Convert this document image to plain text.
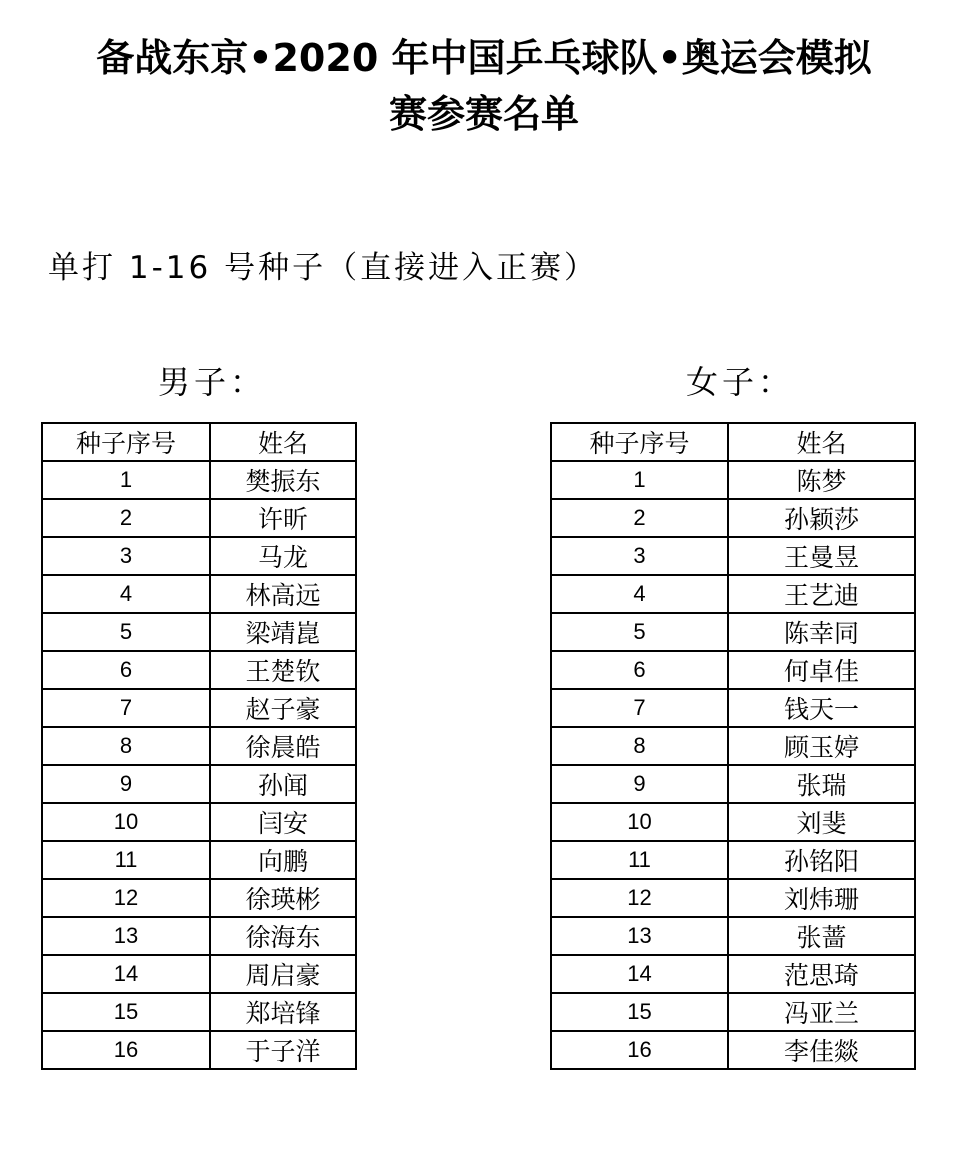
备战东京•2020 年中国乒乓球队•奥运会模拟
赛参赛名单

单打 1-16 号种子（直接进入正赛）

男子：	女子：

种子序号	姓名
1	樊振东
2	许昕
3	马龙
4	林高远
5	梁靖崑
6	王楚钦
7	赵子豪
8	徐晨皓
9	孙闻
10	闫安
11	向鹏
12	徐瑛彬
13	徐海东
14	周启豪
15	郑培锋
16	于子洋
种子序号	姓名
1	陈梦
2	孙颖莎
3	王曼昱
4	王艺迪
5	陈幸同
6	何卓佳
7	钱天一
8	顾玉婷
9	张瑞
10	刘斐
11	孙铭阳
12	刘炜珊
13	张蔷
14	范思琦
15	冯亚兰
16	李佳燚
